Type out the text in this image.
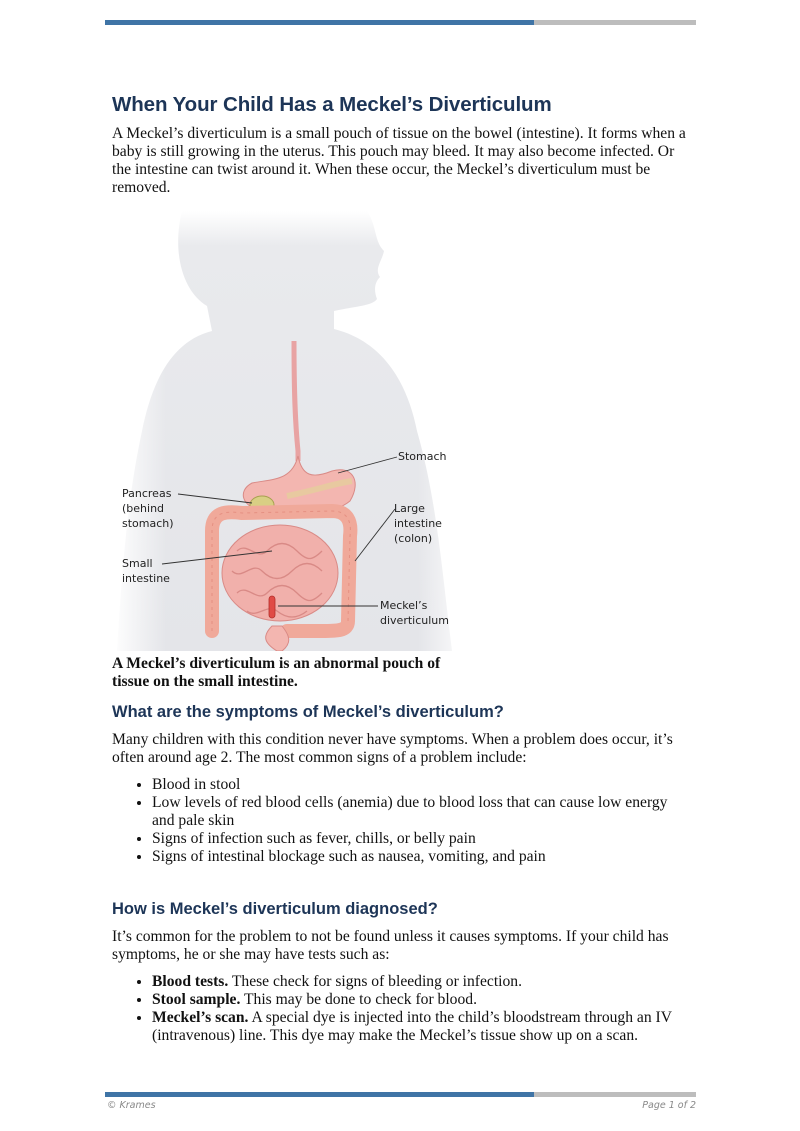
When Your Child Has a Meckel’s Diverticulum

A Meckel’s diverticulum is a small pouch of tissue on the bowel (intestine). It forms when a baby is still growing in the uterus. This pouch may bleed. It may also become infected. Or the intestine can twist around it. When these occur, the Meckel’s diverticulum must be removed.

Stomach
Pancreas
(behind
stomach)
Large
intestine
(colon)
Small
intestine
Meckel’s
diverticulum

A Meckel’s diverticulum is an abnormal pouch of tissue on the small intestine.

What are the symptoms of Meckel’s diverticulum?

Many children with this condition never have symptoms. When a problem does occur, it’s often around age 2. The most common signs of a problem include:

• Blood in stool
• Low levels of red blood cells (anemia) due to blood loss that can cause low energy and pale skin
• Signs of infection such as fever, chills, or belly pain
• Signs of intestinal blockage such as nausea, vomiting, and pain
How is Meckel’s diverticulum diagnosed?

It’s common for the problem to not be found unless it causes symptoms. If your child has symptoms, he or she may have tests such as:

• Blood tests. These check for signs of bleeding or infection.
• Stool sample. This may be done to check for blood.
• Meckel’s scan. A special dye is injected into the child’s bloodstream through an IV (intravenous) line. This dye may make the Meckel’s tissue show up on a scan.
© Krames	Page 1 of 2
